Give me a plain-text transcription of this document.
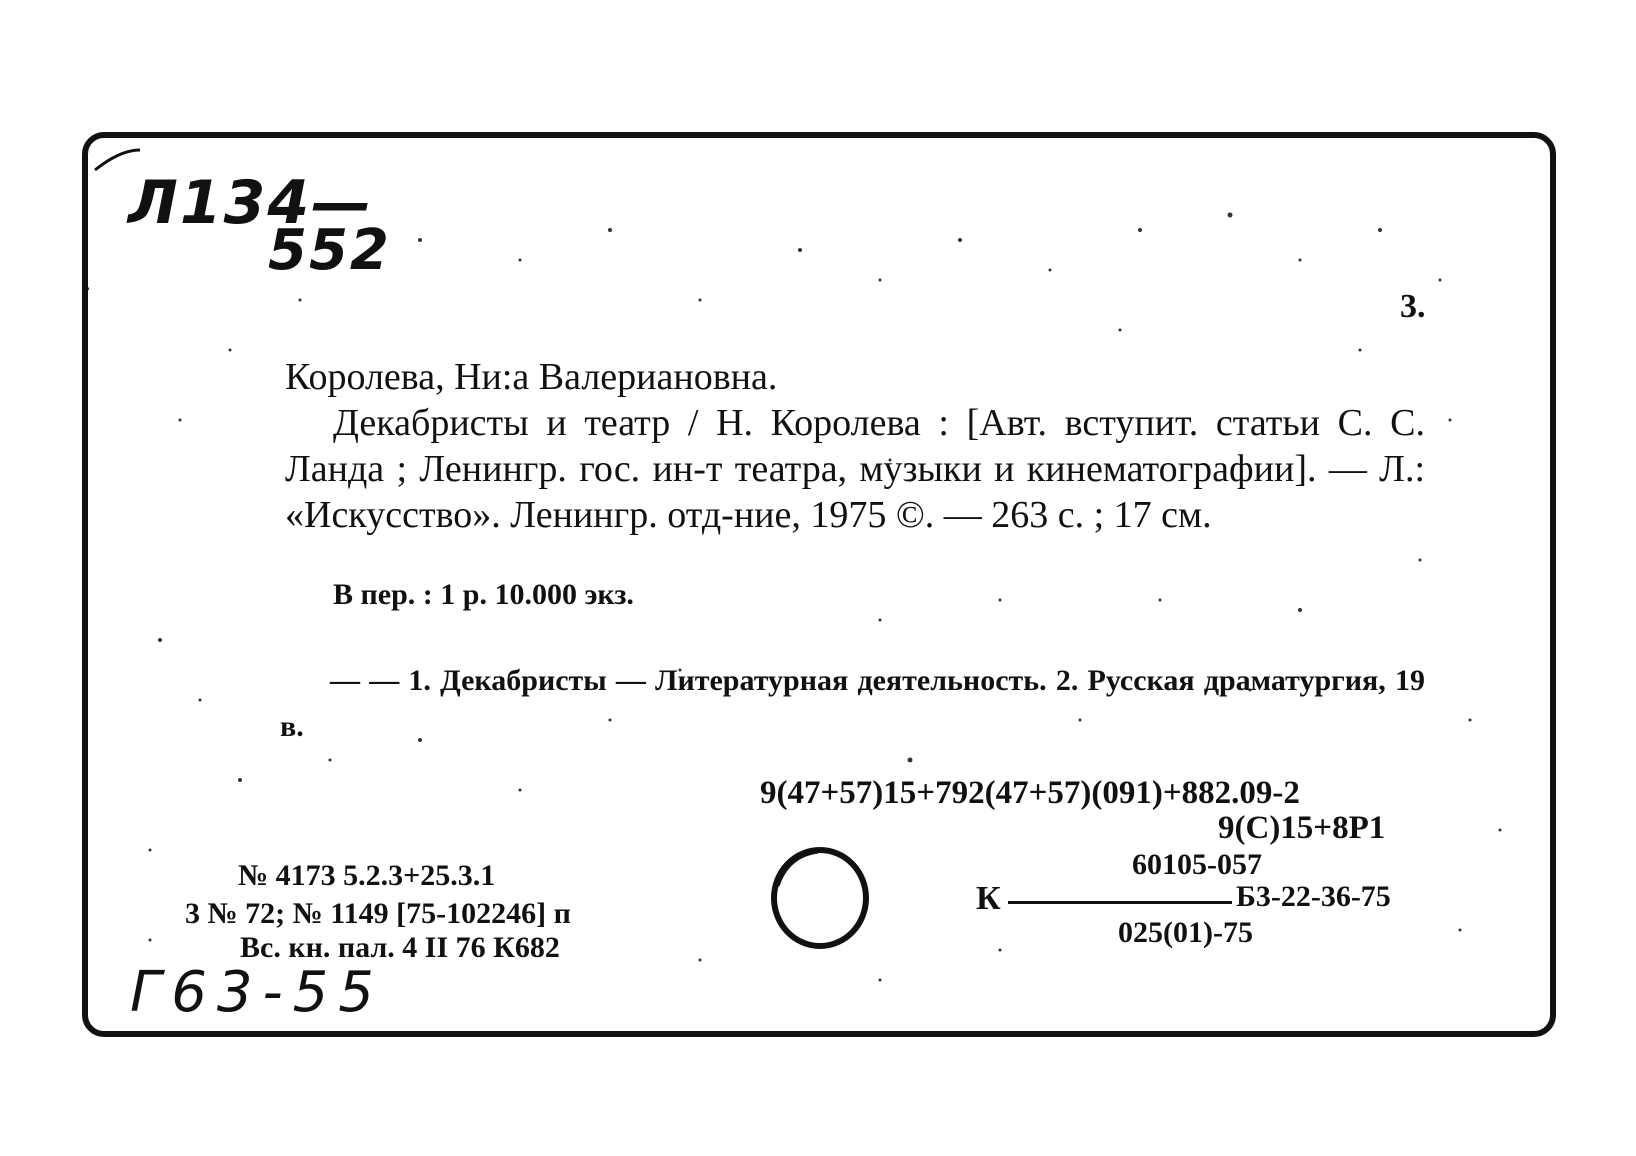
Л134—
552
3.
Королева, Ни:а Валериановна.
Декабристы и театр / Н. Королева : [Авт. вступит. статьи С. С. Ланда ; Ленингр. гос. ин-т театра, музыки и кинематографии]. — Л.: «Искусство». Ленингр. отд-ние, 1975 ©. — 263 с. ; 17 см.
В пер. : 1 р. 10.000 экз.
— — 1. Декабристы — Литературная деятельность. 2. Русская драматургия, 19 в.
9(47+57)15+792(47+57)(091)+882.09-2
9(С)15+8Р1
60105-057
К	Б3-22-36-75
025(01)-75
№ 4173 5.2.3+25.3.1
3 № 72; № 1149 [75-102246] п
Вс. кн. пал. 4 II 76 К682
Г63-55
